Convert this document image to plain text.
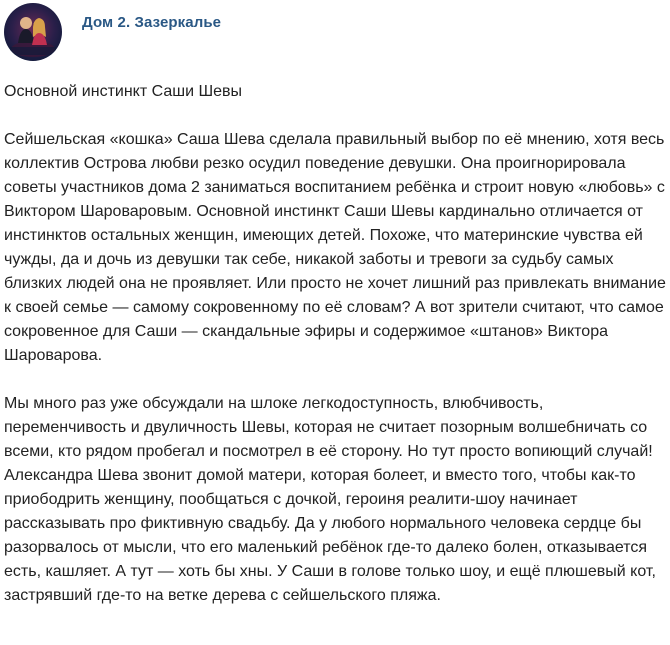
Дом 2. Зазеркалье

Основной инстинкт Саши Шевы

Сейшельская «кошка» Саша Шева сделала правильный выбор по её мнению, хотя весь коллектив Острова любви резко осудил поведение девушки. Она проигнорировала советы участников дома 2 заниматься воспитанием ребёнка и строит новую «любовь» с Виктором Шароваровым. Основной инстинкт Саши Шевы кардинально отличается от инстинктов остальных женщин, имеющих детей. Похоже, что материнские чувства ей чужды, да и дочь из девушки так себе, никакой заботы и тревоги за судьбу самых близких людей она не проявляет. Или просто не хочет лишний раз привлекать внимание к своей семье — самому сокровенному по её словам? А вот зрители считают, что самое сокровенное для Саши — скандальные эфиры и содержимое «штанов» Виктора Шароварова.

Мы много раз уже обсуждали на шлоке легкодоступность, влюбчивость, переменчивость и двуличность Шевы, которая не считает позорным волшебничать со всеми, кто рядом пробегал и посмотрел в её сторону. Но тут просто вопиющий случай! Александра Шева звонит домой матери, которая болеет, и вместо того, чтобы как-то приободрить женщину, пообщаться с дочкой, героиня реалити-шоу начинает рассказывать про фиктивную свадьбу. Да у любого нормального человека сердце бы разорвалось от мысли, что его маленький ребёнок где-то далеко болен, отказывается есть, кашляет. А тут — хоть бы хны. У Саши в голове только шоу, и ещё плюшевый кот, застрявший где-то на ветке дерева с сейшельского пляжа.
